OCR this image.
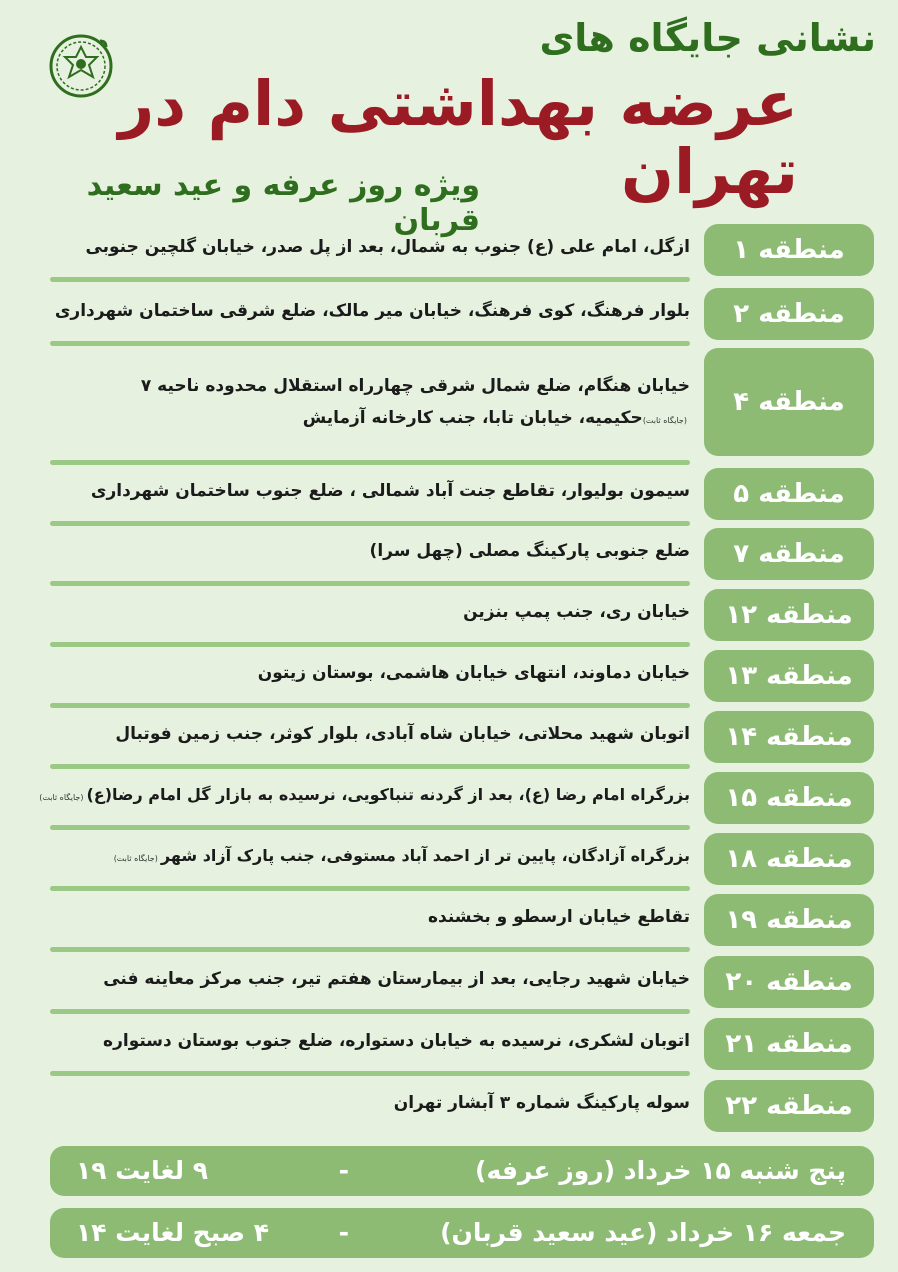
نشانی جایگاه های
عرضه بهداشتی دام در تهران
ویژه روز عرفه و عید سعید قربان
منطقه ۱
ازگل، امام علی (ع) جنوب به شمال، بعد از پل صدر، خیابان گلچین جنوبی
منطقه ۲
بلوار فرهنگ، کوی فرهنگ، خیابان میر مالک، ضلع شرقی ساختمان شهرداری
منطقه ۴
خیابان هنگام، ضلع شمال شرقی چهارراه استقلال محدوده ناحیه ۷
(جایگاه ثابت)حکیمیه، خیابان تابا، جنب کارخانه آزمایش
منطقه ۵
سیمون بولیوار، تقاطع جنت آباد شمالی ، ضلع جنوب ساختمان شهرداری
منطقه ۷
ضلع جنوبی پارکینگ مصلی (چهل سرا)
منطقه ۱۲
خیابان ری، جنب پمپ بنزین
منطقه ۱۳
خیابان دماوند، انتهای خیابان هاشمی، بوستان زیتون
منطقه ۱۴
اتوبان شهید محلاتی، خیابان شاه آبادی، بلوار کوثر، جنب زمین فوتبال
منطقه ۱۵
بزرگراه امام رضا (ع)، بعد از گردنه تنباکویی، نرسیده به بازار گل امام رضا(ع)(جایگاه ثابت)
منطقه ۱۸
بزرگراه آزادگان، پایین تر از احمد آباد مستوفی، جنب پارک آزاد شهر(جایگاه ثابت)
منطقه ۱۹
تقاطع خیابان ارسطو و بخشنده
منطقه ۲۰
خیابان شهید رجایی، بعد از بیمارستان هفتم تیر، جنب مرکز معاینه فنی
منطقه ۲۱
اتوبان لشکری، نرسیده به خیابان دستواره، ضلع جنوب بوستان دستواره
منطقه ۲۲
سوله پارکینگ شماره ۳ آبشار تهران
پنج شنبه ۱۵ خرداد (روز عرفه)
-
۹ لغایت ۱۹
جمعه ۱۶ خرداد (عید سعید قربان)
-
۴ صبح لغایت ۱۴
